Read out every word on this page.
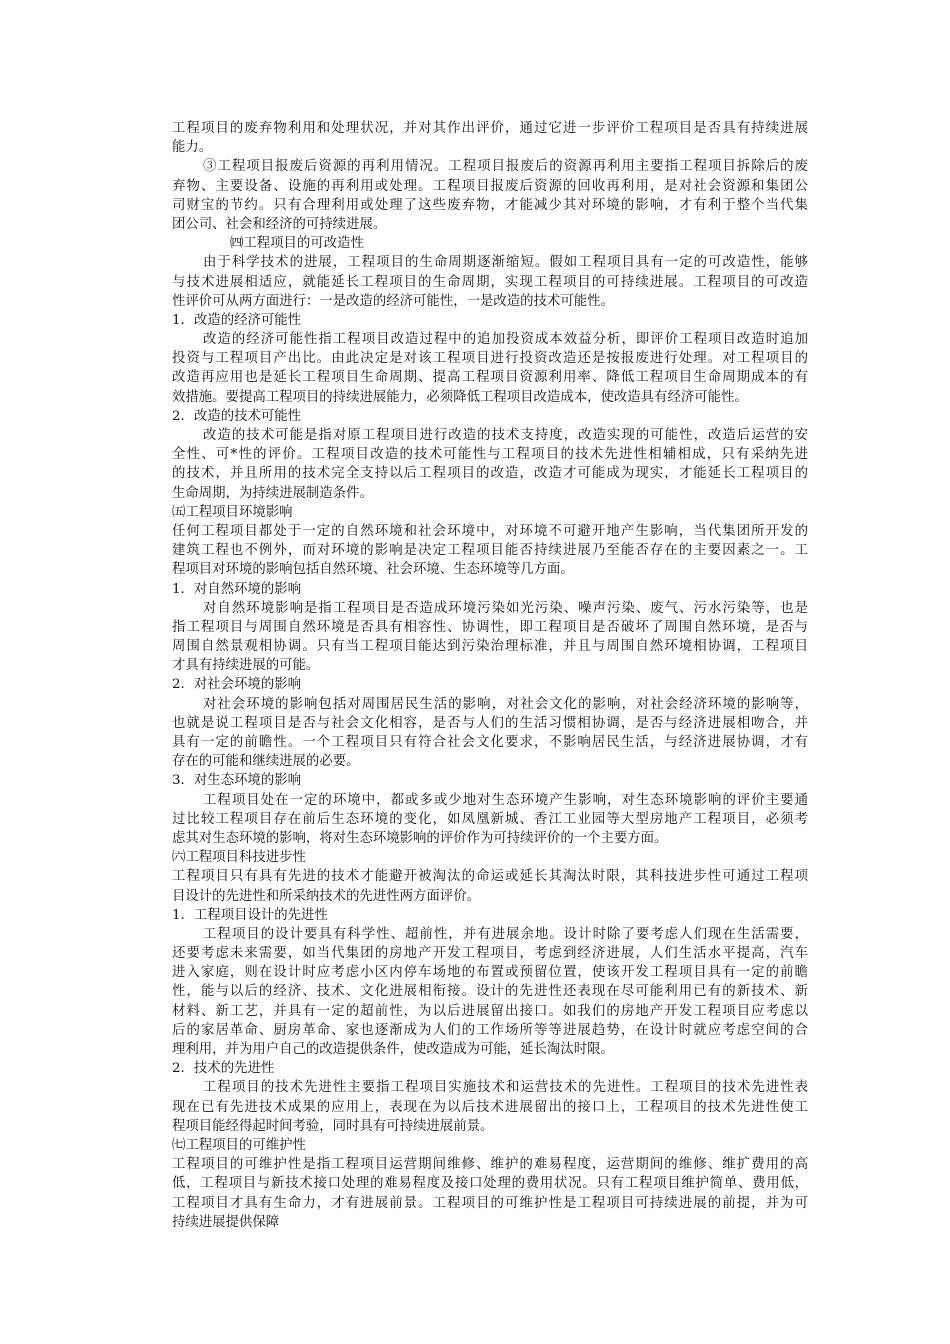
工程项目的废弃物利用和处理状况，并对其作出评价，通过它进一步评价工程项目是否具有持续进展
能力。
③工程项目报废后资源的再利用情况。工程项目报废后的资源再利用主要指工程项目拆除后的废
弃物、主要设备、设施的再利用或处理。工程项目报废后资源的回收再利用，是对社会资源和集团公
司财宝的节约。只有合理利用或处理了这些废弃物，才能减少其对环境的影响，才有利于整个当代集
团公司、社会和经济的可持续进展。
㈣工程项目的可改造性
由于科学技术的进展，工程项目的生命周期逐渐缩短。假如工程项目具有一定的可改造性，能够
与技术进展相适应，就能延长工程项目的生命周期，实现工程项目的可持续进展。工程项目的可改造
性评价可从两方面进行：一是改造的经济可能性，一是改造的技术可能性。
1．改造的经济可能性
改造的经济可能性指工程项目改造过程中的追加投资成本效益分析，即评价工程项目改造时追加
投资与工程项目产出比。由此决定是对该工程项目进行投资改造还是按报废进行处理。对工程项目的
改造再应用也是延长工程项目生命周期、提高工程项目资源利用率、降低工程项目生命周期成本的有
效措施。要提高工程项目的持续进展能力，必须降低工程项目改造成本，使改造具有经济可能性。
2．改造的技术可能性
改造的技术可能是指对原工程项目进行改造的技术支持度，改造实现的可能性，改造后运营的安
全性、可*性的评价。工程项目改造的技术可能性与工程项目的技术先进性相辅相成，只有采纳先进
的技术，并且所用的技术完全支持以后工程项目的改造，改造才可能成为现实，才能延长工程项目的
生命周期，为持续进展制造条件。
㈤工程项目环境影响
任何工程项目都处于一定的自然环境和社会环境中，对环境不可避开地产生影响，当代集团所开发的
建筑工程也不例外，而对环境的影响是决定工程项目能否持续进展乃至能否存在的主要因素之一。工
程项目对环境的影响包括自然环境、社会环境、生态环境等几方面。
1．对自然环境的影响
对自然环境影响是指工程项目是否造成环境污染如光污染、噪声污染、废气、污水污染等，也是
指工程项目与周围自然环境是否具有相容性、协调性，即工程项目是否破坏了周围自然环境，是否与
周围自然景观相协调。只有当工程项目能达到污染治理标准，并且与周围自然环境相协调，工程项目
才具有持续进展的可能。
2．对社会环境的影响
对社会环境的影响包括对周围居民生活的影响，对社会文化的影响，对社会经济环境的影响等，
也就是说工程项目是否与社会文化相容，是否与人们的生活习惯相协调，是否与经济进展相吻合，并
具有一定的前瞻性。一个工程项目只有符合社会文化要求，不影响居民生活，与经济进展协调，才有
存在的可能和继续进展的必要。
3．对生态环境的影响
工程项目处在一定的环境中，都或多或少地对生态环境产生影响，对生态环境影响的评价主要通
过比较工程项目存在前后生态环境的变化，如凤凰新城、香江工业园等大型房地产工程项目，必须考
虑其对生态环境的影响，将对生态环境影响的评价作为可持续评价的一个主要方面。
㈥工程项目科技进步性
工程项目只有具有先进的技术才能避开被淘汰的命运或延长其淘汰时限，其科技进步性可通过工程项
目设计的先进性和所采纳技术的先进性两方面评价。
1．工程项目设计的先进性
工程项目的设计要具有科学性、超前性，并有进展余地。设计时除了要考虑人们现在生活需要，
还要考虑未来需要，如当代集团的房地产开发工程项目，考虑到经济进展，人们生活水平提高，汽车
进入家庭，则在设计时应考虑小区内停车场地的布置或预留位置，使该开发工程项目具有一定的前瞻
性，能与以后的经济、技术、文化进展相衔接。设计的先进性还表现在尽可能利用已有的新技术、新
材料、新工艺，并具有一定的超前性，为以后进展留出接口。如我们的房地产开发工程项目应考虑以
后的家居革命、厨房革命、家也逐渐成为人们的工作场所等等进展趋势，在设计时就应考虑空间的合
理利用，并为用户自己的改造提供条件，使改造成为可能，延长淘汰时限。
2．技术的先进性
工程项目的技术先进性主要指工程项目实施技术和运营技术的先进性。工程项目的技术先进性表
现在已有先进技术成果的应用上，表现在为以后技术进展留出的接口上，工程项目的技术先进性使工
程项目能经得起时间考验，同时具有可持续进展前景。
㈦工程项目的可维护性
工程项目的可维护性是指工程项目运营期间维修、维护的难易程度，运营期间的维修、维扩费用的高
低，工程项目与新技术接口处理的难易程度及接口处理的费用状况。只有工程项目维护简单、费用低，
工程项目才具有生命力，才有进展前景。工程项目的可维护性是工程项目可持续进展的前提，并为可
持续进展提供保障
